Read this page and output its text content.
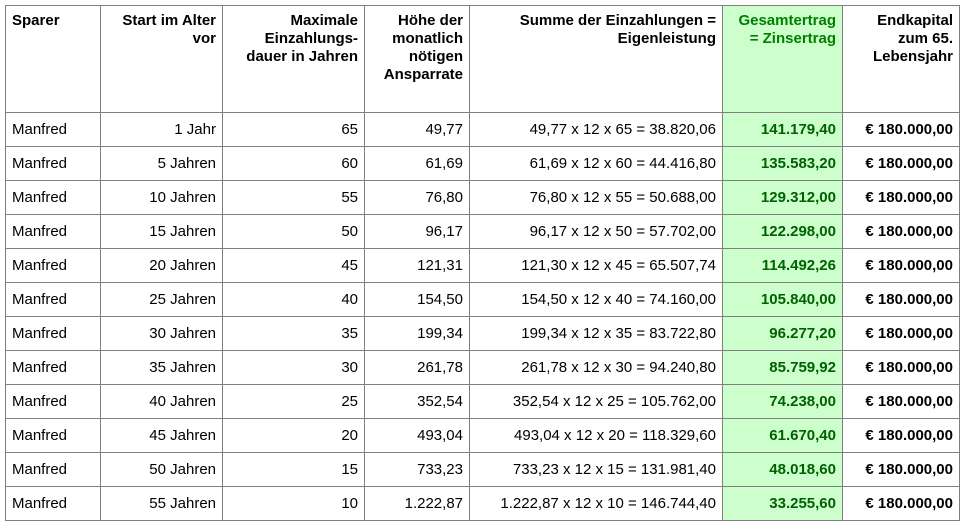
Sparer	Start im Alter vor	Maximale Einzahlungs-dauer in Jahren	Höhe der monatlich nötigen Ansparrate	Summe der Einzahlungen = Eigenleistung	Gesamtertrag = Zinsertrag	Endkapital zum 65. Lebensjahr
Manfred	1 Jahr	65	49,77	49,77 x 12 x 65 = 38.820,06	141.179,40	€ 180.000,00
Manfred	5 Jahren	60	61,69	61,69 x 12 x 60 = 44.416,80	135.583,20	€ 180.000,00
Manfred	10 Jahren	55	76,80	76,80 x 12 x 55 = 50.688,00	129.312,00	€ 180.000,00
Manfred	15 Jahren	50	96,17	96,17 x 12 x 50 = 57.702,00	122.298,00	€ 180.000,00
Manfred	20 Jahren	45	121,31	121,30 x 12 x 45 = 65.507,74	114.492,26	€ 180.000,00
Manfred	25 Jahren	40	154,50	154,50 x 12 x 40 = 74.160,00	105.840,00	€ 180.000,00
Manfred	30 Jahren	35	199,34	199,34 x 12 x 35 = 83.722,80	96.277,20	€ 180.000,00
Manfred	35 Jahren	30	261,78	261,78 x 12 x 30 = 94.240,80	85.759,92	€ 180.000,00
Manfred	40 Jahren	25	352,54	352,54 x 12 x 25 = 105.762,00	74.238,00	€ 180.000,00
Manfred	45 Jahren	20	493,04	493,04 x 12 x 20 = 118.329,60	61.670,40	€ 180.000,00
Manfred	50 Jahren	15	733,23	733,23 x 12 x 15 = 131.981,40	48.018,60	€ 180.000,00
Manfred	55 Jahren	10	1.222,87	1.222,87 x 12 x 10 = 146.744,40	33.255,60	€ 180.000,00
